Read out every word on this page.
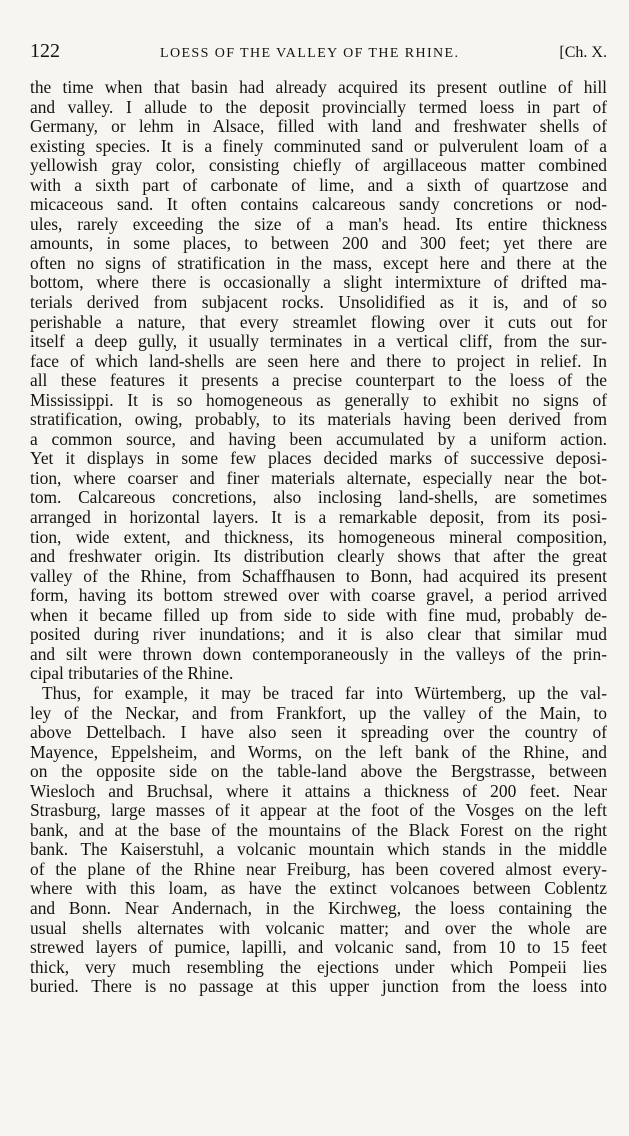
122	LOESS OF THE VALLEY OF THE RHINE.	[Ch. X.
the time when that basin had already acquired its present outline of hill
and valley. I allude to the deposit provincially termed loess in part of
Germany, or lehm in Alsace, filled with land and freshwater shells of
existing species. It is a finely comminuted sand or pulverulent loam of a
yellowish gray color, consisting chiefly of argillaceous matter combined
with a sixth part of carbonate of lime, and a sixth of quartzose and
micaceous sand. It often contains calcareous sandy concretions or nod-
ules, rarely exceeding the size of a man's head. Its entire thickness
amounts, in some places, to between 200 and 300 feet; yet there are
often no signs of stratification in the mass, except here and there at the
bottom, where there is occasionally a slight intermixture of drifted ma-
terials derived from subjacent rocks. Unsolidified as it is, and of so
perishable a nature, that every streamlet flowing over it cuts out for
itself a deep gully, it usually terminates in a vertical cliff, from the sur-
face of which land-shells are seen here and there to project in relief. In
all these features it presents a precise counterpart to the loess of the
Mississippi. It is so homogeneous as generally to exhibit no signs of
stratification, owing, probably, to its materials having been derived from
a common source, and having been accumulated by a uniform action.
Yet it displays in some few places decided marks of successive deposi-
tion, where coarser and finer materials alternate, especially near the bot-
tom. Calcareous concretions, also inclosing land-shells, are sometimes
arranged in horizontal layers. It is a remarkable deposit, from its posi-
tion, wide extent, and thickness, its homogeneous mineral composition,
and freshwater origin. Its distribution clearly shows that after the great
valley of the Rhine, from Schaffhausen to Bonn, had acquired its present
form, having its bottom strewed over with coarse gravel, a period arrived
when it became filled up from side to side with fine mud, probably de-
posited during river inundations; and it is also clear that similar mud
and silt were thrown down contemporaneously in the valleys of the prin-
cipal tributaries of the Rhine.
Thus, for example, it may be traced far into Würtemberg, up the val-
ley of the Neckar, and from Frankfort, up the valley of the Main, to
above Dettelbach. I have also seen it spreading over the country of
Mayence, Eppelsheim, and Worms, on the left bank of the Rhine, and
on the opposite side on the table-land above the Bergstrasse, between
Wiesloch and Bruchsal, where it attains a thickness of 200 feet. Near
Strasburg, large masses of it appear at the foot of the Vosges on the left
bank, and at the base of the mountains of the Black Forest on the right
bank. The Kaiserstuhl, a volcanic mountain which stands in the middle
of the plane of the Rhine near Freiburg, has been covered almost every-
where with this loam, as have the extinct volcanoes between Coblentz
and Bonn. Near Andernach, in the Kirchweg, the loess containing the
usual shells alternates with volcanic matter; and over the whole are
strewed layers of pumice, lapilli, and volcanic sand, from 10 to 15 feet
thick, very much resembling the ejections under which Pompeii lies
buried. There is no passage at this upper junction from the loess into
